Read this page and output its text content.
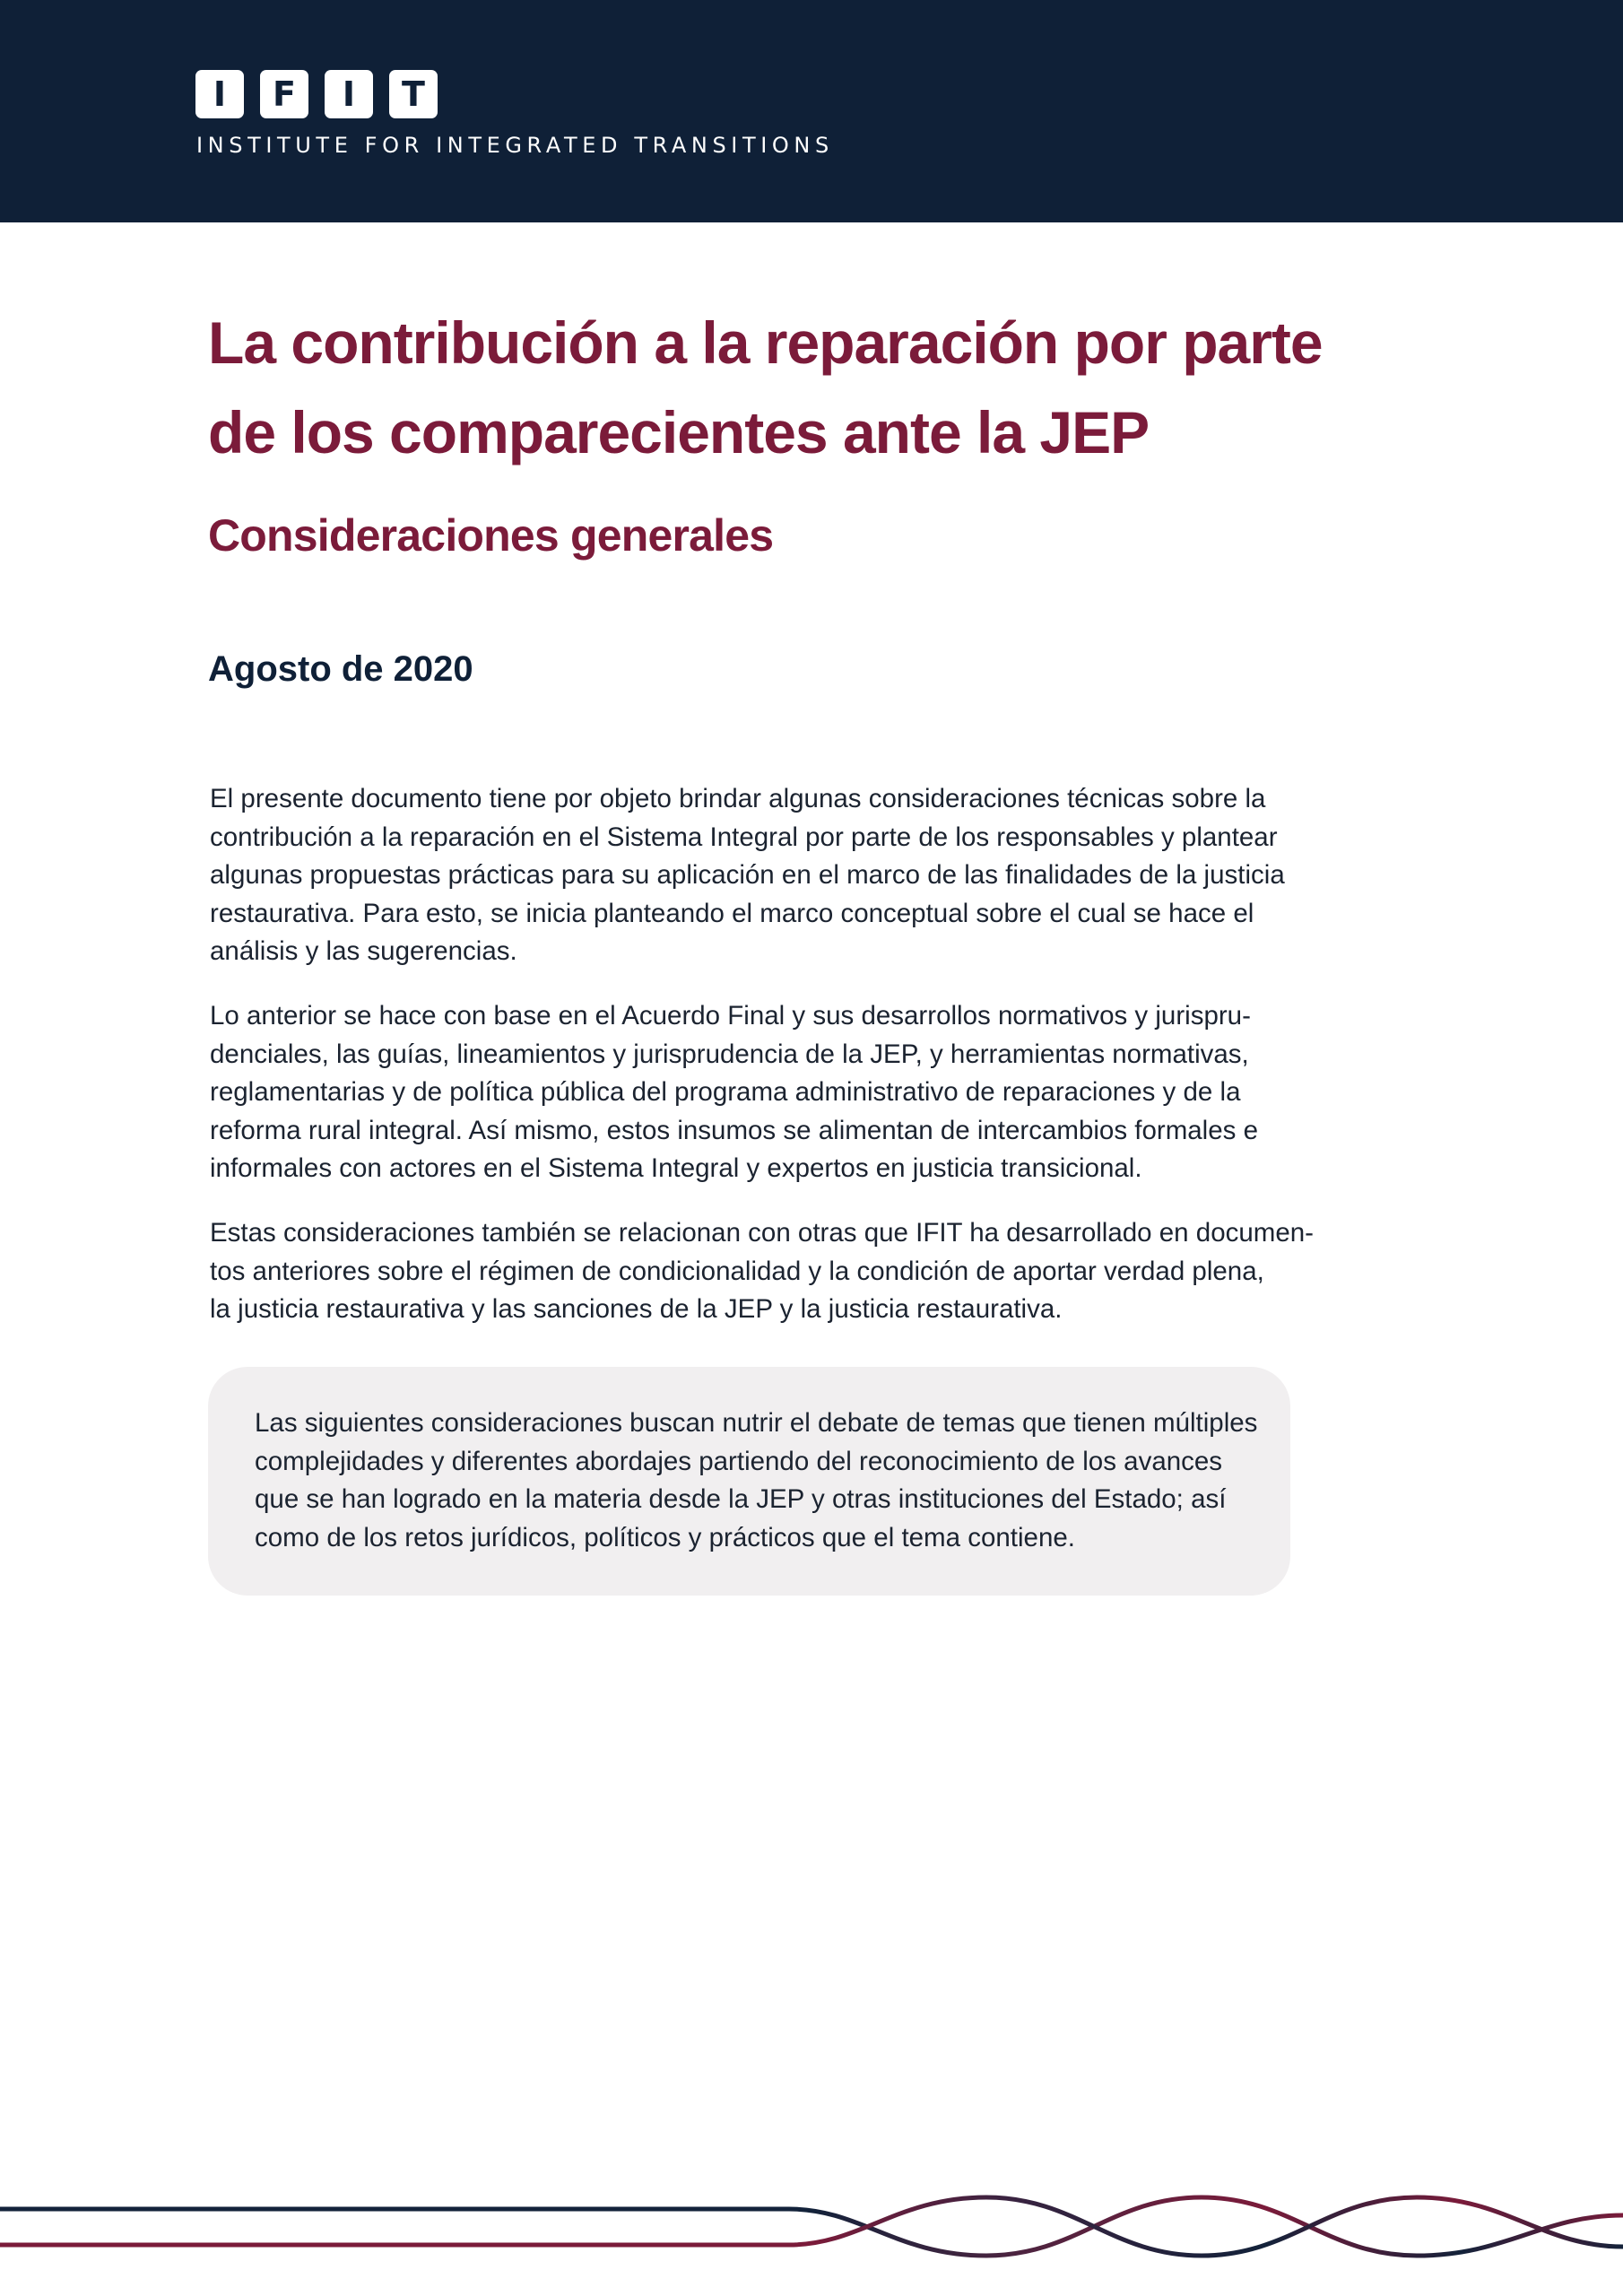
I	F	I	T
INSTITUTE FOR INTEGRATED TRANSITIONS
La contribución a la reparación por parte
de los comparecientes ante la JEP
Consideraciones generales
Agosto de 2020

El presente documento tiene por objeto brindar algunas consideraciones técnicas sobre la
contribución a la reparación en el Sistema Integral por parte de los responsables y plantear
algunas propuestas prácticas para su aplicación en el marco de las finalidades de la justicia
restaurativa. Para esto, se inicia planteando el marco conceptual sobre el cual se hace el
análisis y las sugerencias.

Lo anterior se hace con base en el Acuerdo Final y sus desarrollos normativos y jurispru-
denciales, las guías, lineamientos y jurisprudencia de la JEP, y herramientas normativas,
reglamentarias y de política pública del programa administrativo de reparaciones y de la
reforma rural integral. Así mismo, estos insumos se alimentan de intercambios formales e
informales con actores en el Sistema Integral y expertos en justicia transicional.

Estas consideraciones también se relacionan con otras que IFIT ha desarrollado en documen-
tos anteriores sobre el régimen de condicionalidad y la condición de aportar verdad plena,
la justicia restaurativa y las sanciones de la JEP y la justicia restaurativa.

Las siguientes consideraciones buscan nutrir el debate de temas que tienen múltiples
complejidades y diferentes abordajes partiendo del reconocimiento de los avances
que se han logrado en la materia desde la JEP y otras instituciones del Estado; así
como de los retos jurídicos, políticos y prácticos que el tema contiene.
